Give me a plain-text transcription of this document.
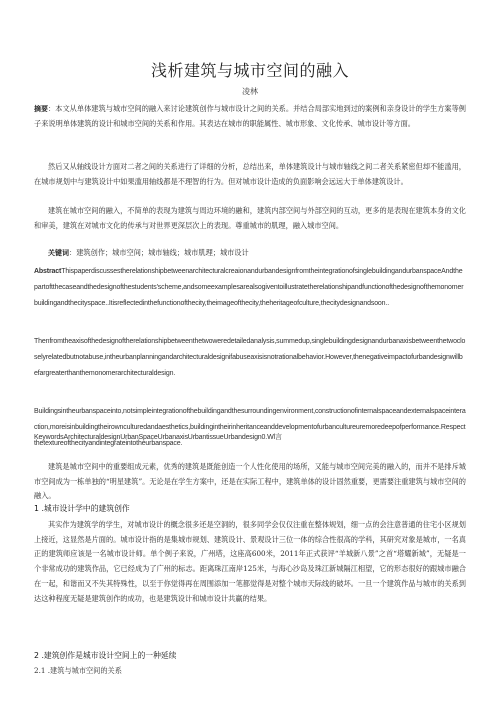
浅析建筑与城市空间的融入
凌林

摘要：本文从单体建筑与城市空间的融入来讨论建筑创作与城市设计之间的关系。并结合局部实地到过的案例和亲身设计的学生方案等例子来说明单体建筑的设计和城市空间的关系和作用。其表达在城市的职能属性、城市形象、文化传承、城市设计等方面。

然后又从轴线设计方面对二者之间的关系进行了详细的分析，总结出来，单体建筑设计与城市轴线之间二者关系紧密但却不能滥用，在城市规划中与建筑设计中如果滥用轴线都是不理智的行为。但对城市设计造成的负面影响会远远大于单体建筑设计。

建筑在城市空间的融入，不简单的表现为建筑与周边环境的融和，建筑内部空间与外部空间的互动，更多的是表现在建筑本身的文化和审美，建筑在对城市文化的传承与对世界更深层次上的表现。尊重城市的肌理，融入城市空间。

关键词：建筑创作；城市空间；城市轴线；城市肌理；城市设计

AbstractThispaperdiscussestherelationshipbetweenarchitecturalcreaionandurbandesignfromtheintegrationofsinglebuildingandurbanspaceAndthepartoftthecaseandthedesignofthestudents'scheme,andsomeexamplesarealsogiventoillustratetherelationshipandfunctionofthedesignofthemonomerbuildingandthecityspace..Itisreflectedinthefunctionofthecity,theimageofthecity,theheritageofculture,thecitydesignandsoon..

Thenfromtheaxisofthedesignoftherelationshipbetweenthetwoweredetailedanalysis,summedup,singlebuildingdesignandurbanaxisbetweenthetwocloselyrelatedbutnotabuse,intheurbanplanningandarchitecturaldesignifabuseaxisisnotrationalbehavior.However,thenegativeimpactofurbandesignwillbefargreaterthanthemonomerarchitecturaldesign.

Buildingsintheurbanspaceinto,notsimpleintegrationofthebuildingandthesurroundingenvironment,constructionofinternalspaceandexternalspaceinteraction,moreisinbuildingtheirownculturedandaesthetics,buildingintheirinheritanceanddevelopmentofurbancultureuremoredeepofperformance.Respectthetextureofthecityandintegrateintotheurbanspace.

KeywordsArchitecturaldesignUrbanSpaceUrbanaxisUrbantissueUrbandesign0.Wl言

建筑是城市空间中的重要组成元素，优秀的建筑是既能创造一个人性化使用的场所，又能与城市空间完美的融入的，而并不是排斥城市空间成为一栋单独的“明星建筑”。无论是在学生方案中，还是在实际工程中，建筑单体的设计固然重要，更需要注重建筑与城市空间的融入。

1 .城市设计学中的建筑创作

其实作为建筑学的学生，对城市设计的概念很多还是空洞的，很多同学会仅仅注重在整体规划，细一点的会注意普通的住宅小区规划上接近，这显然是片面的。城市设计指的是集城市规划、建筑设计、景观设计三位一体的综合性很高的学科，其研究对象是城市，一名真正的建筑师应该是一名城市设计师。单个例子来说，广州塔，这座高600米，2011年正式获评“羊城新八景”之首“塔耀新城”，无疑是一个非常成功的建筑作品，它已经成为了广州的标志。距离珠江南岸125米，与海心沙岛及珠江新城隔江相望，它的形态很好的跟城市融合在一起，和谐而又不失其特殊性，以至于你觉得再在周围添加一笔都觉得是对整个城市天际线的破坏。一旦一个建筑作品与城市的关系到达这种程度无疑是建筑创作的成功，也是建筑设计和城市设计共赢的结果。

2 .建筑创作是城市设计空间上的一种延续

2.1 .建筑与城市空间的关系
